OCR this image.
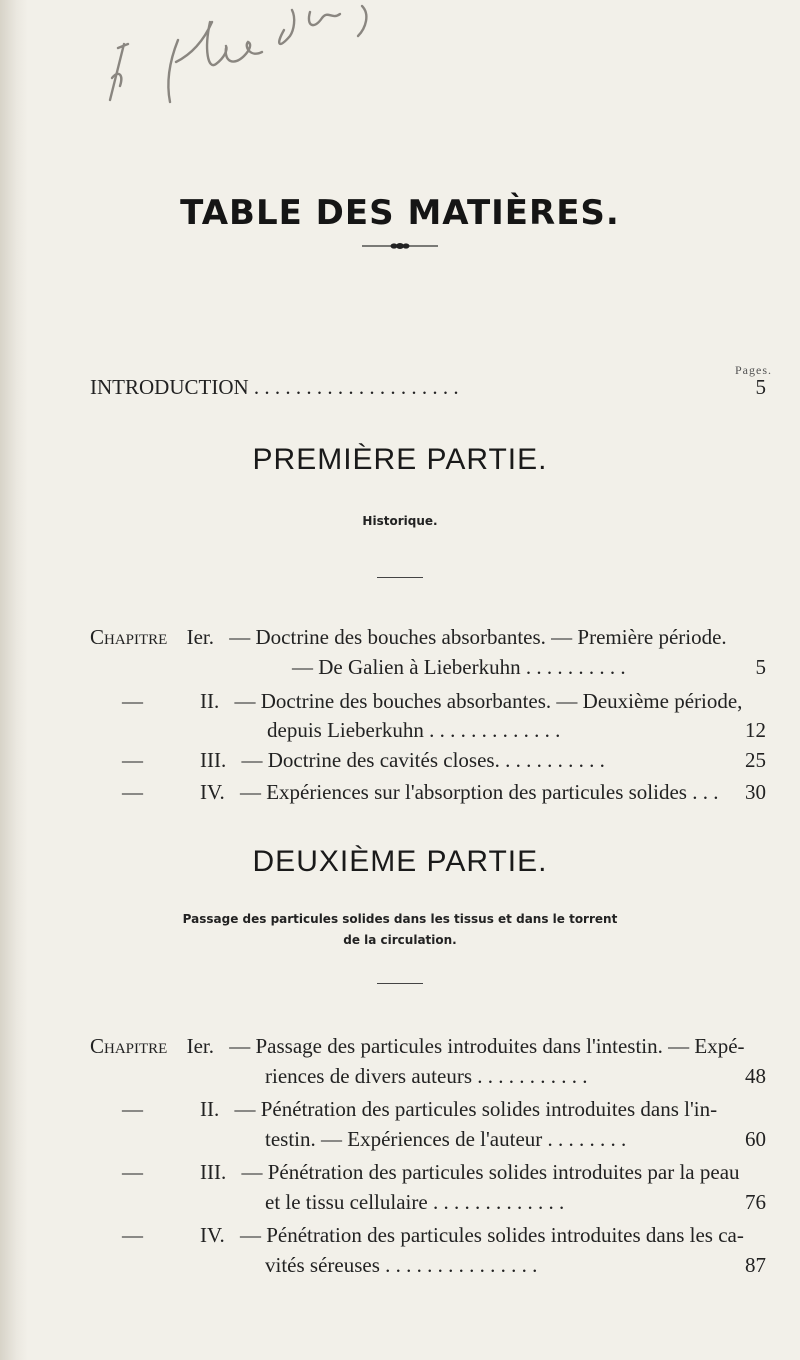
TABLE DES MATIÈRES.
Pages.
INTRODUCTION . . . . . . . . . . . . . . . . . . . .	5
PREMIÈRE PARTIE.
Historique.
Chapitre Ier. — Doctrine des bouches absorbantes. — Première période.
— De Galien à Lieberkuhn . . . . . . . . . .	5
—	II. — Doctrine des bouches absorbantes. — Deuxième période,
depuis Lieberkuhn . . . . . . . . . . . . .	12
—	III. — Doctrine des cavités closes. . . . . . . . . . .	25
—	IV. — Expériences sur l'absorption des particules solides . . . 30
DEUXIÈME PARTIE.
Passage des particules solides dans les tissus et dans le torrent
de la circulation.
Chapitre Ier. — Passage des particules introduites dans l'intestin. — Expé-
riences de divers auteurs . . . . . . . . . . .	48
—	II. — Pénétration des particules solides introduites dans l'in-
testin. — Expériences de l'auteur . . . . . . . .	60
—	III. — Pénétration des particules solides introduites par la peau
et le tissu cellulaire . . . . . . . . . . . . .	76
—	IV. — Pénétration des particules solides introduites dans les ca-
vités séreuses . . . . . . . . . . . . . . .	87
